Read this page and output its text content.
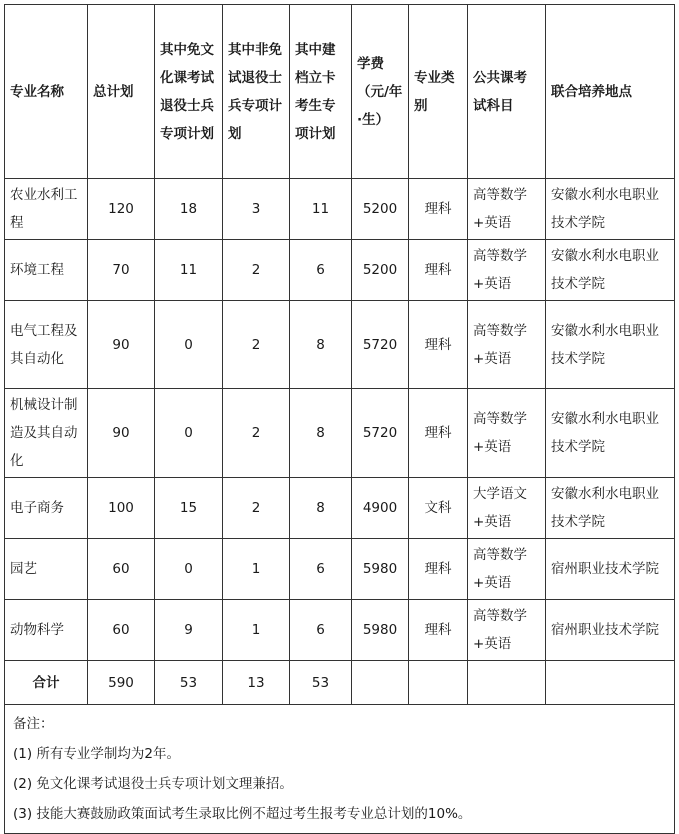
专业名称	总计划	其中免文化课考试退役士兵专项计划	其中非免试退役士兵专项计划	其中建档立卡考生专项计划	学费（元/年·生）	专业类别	公共课考试科目	联合培养地点
农业水利工程	120	18	3	11	5200	理科	高等数学+英语	安徽水利水电职业技术学院
环境工程	70	11	2	6	5200	理科	高等数学+英语	安徽水利水电职业技术学院
电气工程及其自动化	90	0	2	8	5720	理科	高等数学+英语	安徽水利水电职业技术学院
机械设计制造及其自动化	90	0	2	8	5720	理科	高等数学+英语	安徽水利水电职业技术学院
电子商务	100	15	2	8	4900	文科	大学语文+英语	安徽水利水电职业技术学院
园艺	60	0	1	6	5980	理科	高等数学+英语	宿州职业技术学院
动物科学	60	9	1	6	5980	理科	高等数学+英语	宿州职业技术学院
合计	590	53	13	53				

备注：
(1) 所有专业学制均为2年。
(2) 免文化课考试退役士兵专项计划文理兼招。
(3) 技能大赛鼓励政策面试考生录取比例不超过考生报考专业总计划的10%。								
